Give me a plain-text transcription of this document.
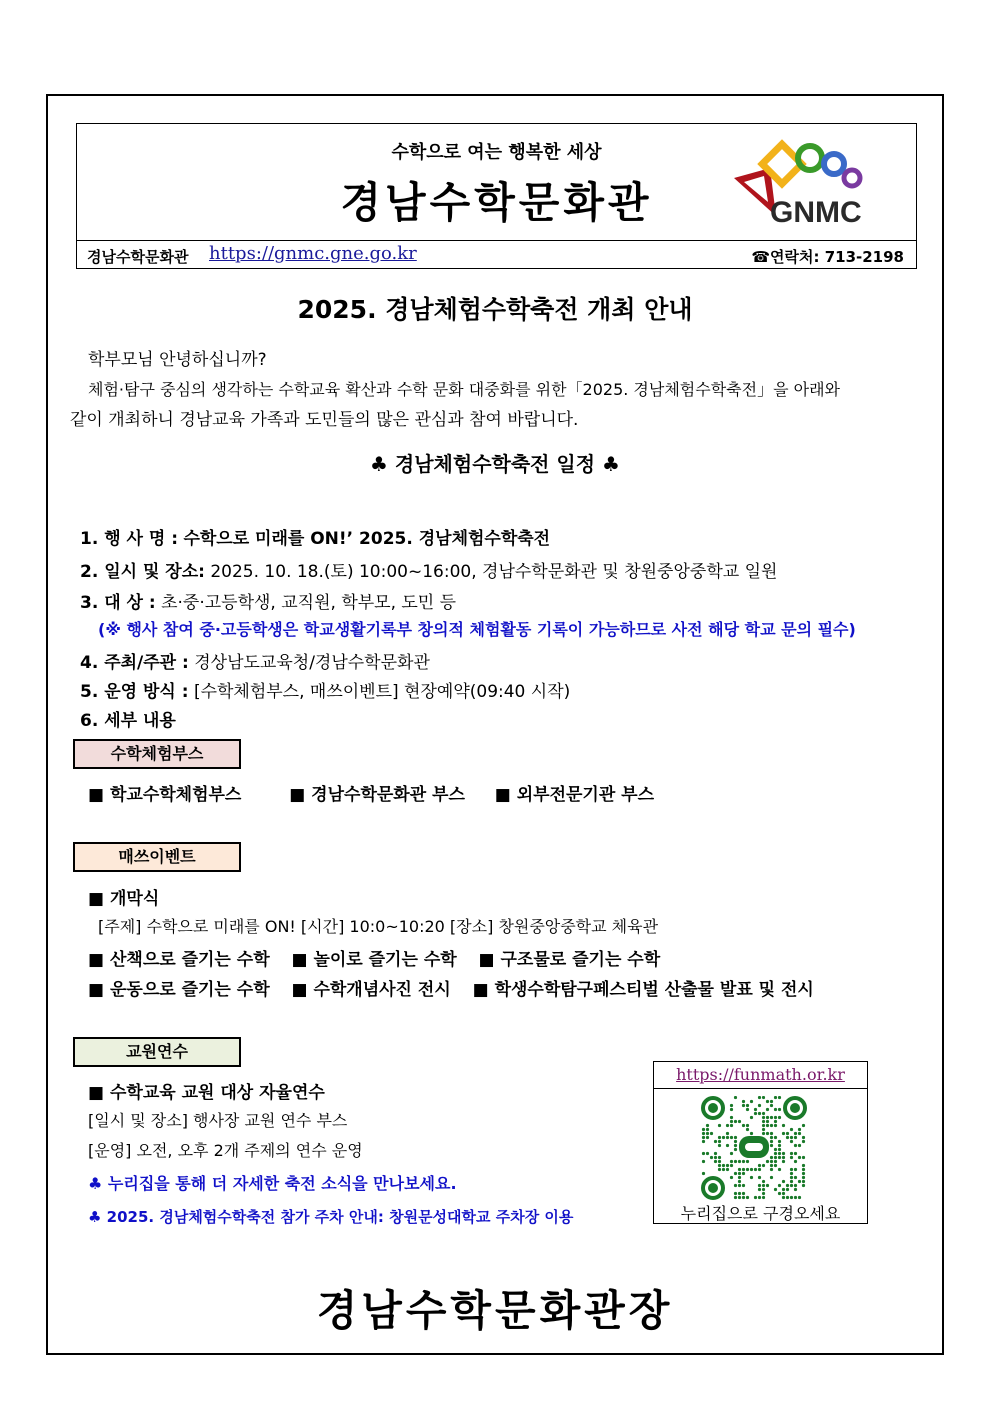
수학으로 여는 행복한 세상
경남수학문화관	GNMC
경남수학문화관 https://gnmc.gne.go.kr	☎연락처: 713-2198
2025. 경남체험수학축전 개최 안내
학부모님 안녕하십니까?
체험·탐구 중심의 생각하는 수학교육 확산과 수학 문화 대중화를 위한「2025. 경남체험수학축전」을 아래와
같이 개최하니 경남교육 가족과 도민들의 많은 관심과 참여 바랍니다.
♣ 경남체험수학축전 일정 ♣
1. 행 사 명 : 수학으로 미래를 ON!’ 2025. 경남체험수학축전
2. 일시 및 장소: 2025. 10. 18.(토) 10:00~16:00, 경남수학문화관 및 창원중앙중학교 일원
3. 대 상 : 초·중·고등학생, 교직원, 학부모, 도민 등
(※ 행사 참여 중·고등학생은 학교생활기록부 창의적 체험활동 기록이 가능하므로 사전 해당 학교 문의 필수)
4. 주최/주관 : 경상남도교육청/경남수학문화관
5. 운영 방식 : [수학체험부스, 매쓰이벤트] 현장예약(09:40 시작)
6. 세부 내용
수학체험부스
■ 학교수학체험부스	■ 경남수학문화관 부스 ■ 외부전문기관 부스
매쓰이벤트
■ 개막식
[주제] 수학으로 미래를 ON! [시간] 10:0~10:20 [장소] 창원중앙중학교 체육관
■ 산책으로 즐기는 수학 ■ 놀이로 즐기는 수학 ■ 구조물로 즐기는 수학
■ 운동으로 즐기는 수학 ■ 수학개념사진 전시 ■ 학생수학탐구페스티벌 산출물 발표 및 전시
교원연수
■ 수학교육 교원 대상 자율연수
[일시 및 장소] 행사장 교원 연수 부스
[운영] 오전, 오후 2개 주제의 연수 운영
♣ 누리집을 통해 더 자세한 축전 소식을 만나보세요.
♣ 2025. 경남체험수학축전 참가 주차 안내: 창원문성대학교 주차장 이용
https://funmath.or.kr
누리집으로 구경오세요
경남수학문화관장
